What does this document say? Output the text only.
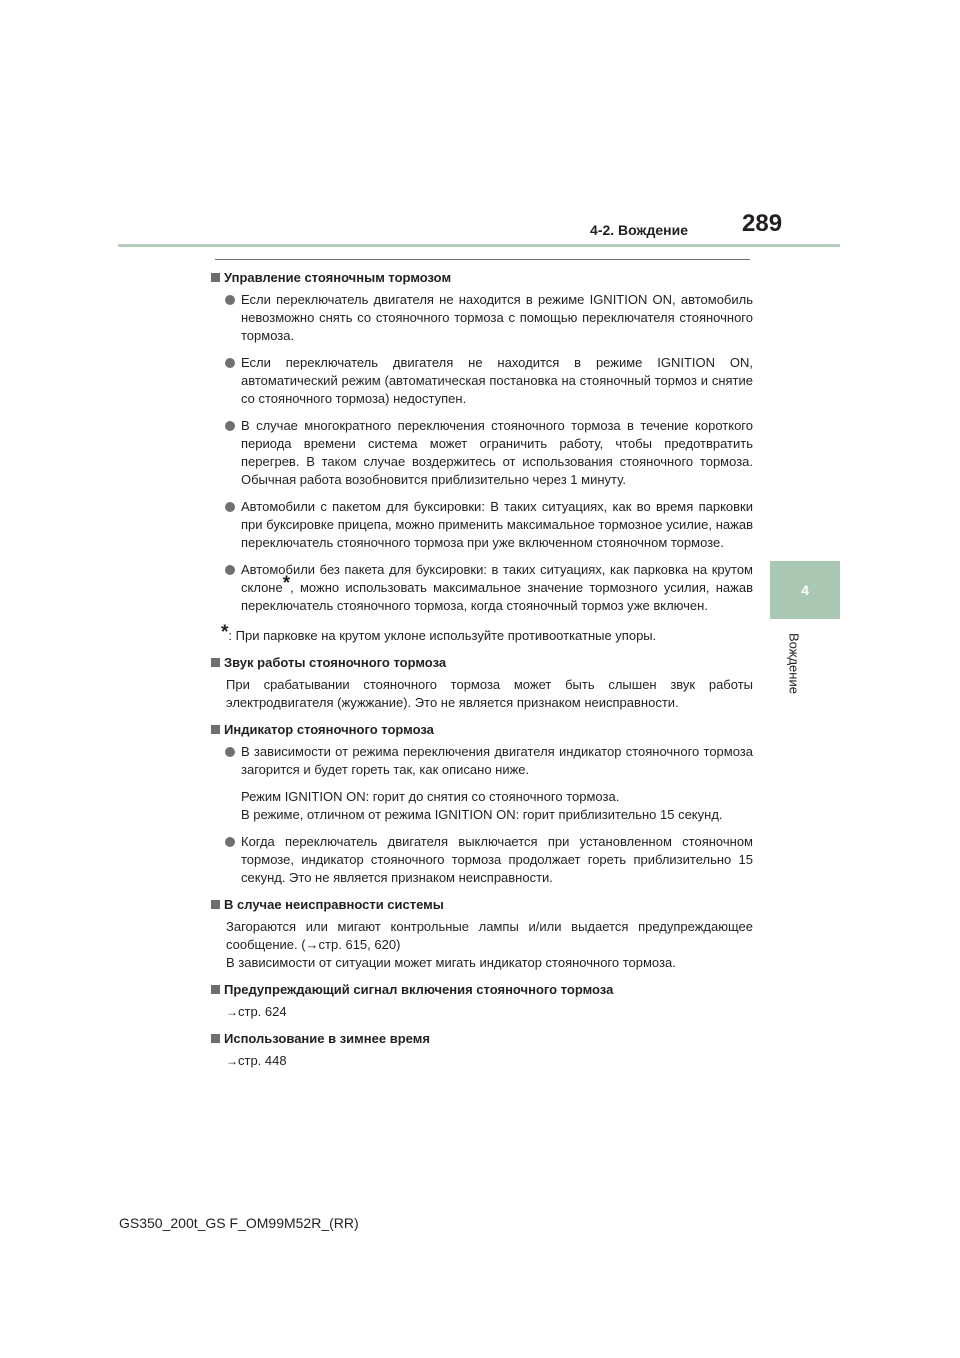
4-2. Вождение 289
4
Вождение
Управление стояночным тормозом
Если переключатель двигателя не находится в режиме IGNITION ON, автомобиль невозможно снять со стояночного тормоза с помощью переключателя стояночного тормоза.
Если переключатель двигателя не находится в режиме IGNITION ON, автоматический режим (автоматическая постановка на стояночный тормоз и снятие со стояночного тормоза) недоступен.
В случае многократного переключения стояночного тормоза в течение короткого периода времени система может ограничить работу, чтобы предотвратить перегрев. В таком случае воздержитесь от использования стояночного тормоза. Обычная работа возобновится приблизительно через 1 минуту.
Автомобили с пакетом для буксировки: В таких ситуациях, как во время парковки при буксировке прицепа, можно применить максимальное тормозное усилие, нажав переключатель стояночного тормоза при уже включенном стояночном тормозе.
Автомобили без пакета для буксировки: в таких ситуациях, как парковка на крутом склоне*, можно использовать максимальное значение тормозного усилия, нажав переключатель стояночного тормоза, когда стояночный тормоз уже включен.
*: При парковке на крутом уклоне используйте противооткатные упоры.
Звук работы стояночного тормоза
При срабатывании стояночного тормоза может быть слышен звук работы электродвигателя (жужжание). Это не является признаком неисправности.
Индикатор стояночного тормоза
В зависимости от режима переключения двигателя индикатор стояночного тормоза загорится и будет гореть так, как описано ниже.
Режим IGNITION ON: горит до снятия со стояночного тормоза.
В режиме, отличном от режима IGNITION ON: горит приблизительно 15 секунд.
Когда переключатель двигателя выключается при установленном стояночном тормозе, индикатор стояночного тормоза продолжает гореть приблизительно 15 секунд. Это не является признаком неисправности.
В случае неисправности системы
Загораются или мигают контрольные лампы и/или выдается предупреждающее сообщение. (→стр. 615, 620)
В зависимости от ситуации может мигать индикатор стояночного тормоза.
Предупреждающий сигнал включения стояночного тормоза
→стр. 624
Использование в зимнее время
→стр. 448
GS350_200t_GS F_OM99M52R_(RR)
